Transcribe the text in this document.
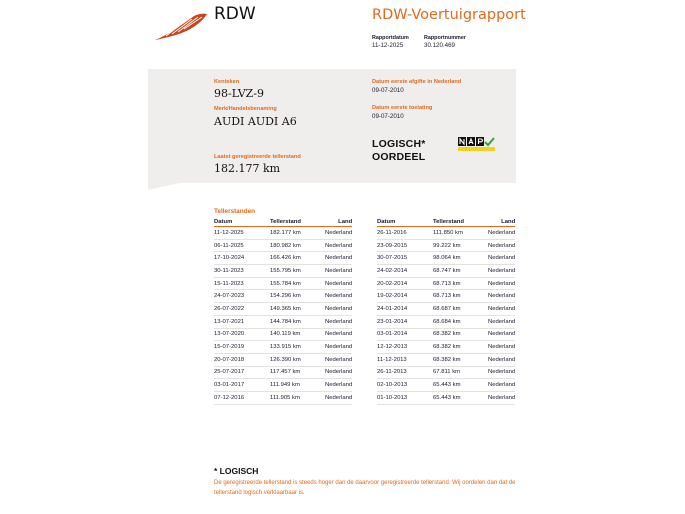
RDW	RDW-Voertuigrapport
Rapportdatum
11-12-2025
Rapportnummer
30.120.469
Kenteken
98-LVZ-9
Merk/Handelsbenaming
AUDI AUDI A6
Laatst geregistreerde tellerstand
182.177 km
Datum eerste afgifte in Nederland
09-07-2010
Datum eerste toelating
09-07-2010
LOGISCH*
OORDEEL
Tellerstanden
Datum	Tellerstand	Land
11-12-2025	182.177 km	Nederland
06-11-2025	180.982 km	Nederland
17-10-2024	166.426 km	Nederland
30-11-2023	155.795 km	Nederland
15-11-2023	155.784 km	Nederland
24-07-2023	154.296 km	Nederland
26-07-2022	149.365 km	Nederland
13-07-2021	144.784 km	Nederland
13-07-2020	140.119 km	Nederland
15-07-2019	133.915 km	Nederland
20-07-2018	126.390 km	Nederland
25-07-2017	117.457 km	Nederland
03-01-2017	111.949 km	Nederland
07-12-2016	111.905 km	Nederland
Datum	Tellerstand	Land
26-11-2016	111.850 km	Nederland
23-09-2015	99.222 km	Nederland
30-07-2015	98.064 km	Nederland
24-02-2014	68.747 km	Nederland
20-02-2014	68.713 km	Nederland
19-02-2014	68.713 km	Nederland
24-01-2014	68.687 km	Nederland
23-01-2014	68.684 km	Nederland
03-01-2014	68.382 km	Nederland
12-12-2013	68.382 km	Nederland
11-12-2013	68.382 km	Nederland
26-11-2013	67.811 km	Nederland
02-10-2013	65.443 km	Nederland
01-10-2013	65.443 km	Nederland
* LOGISCH
De geregistreerde tellerstand is steeds hoger dan de daarvoor geregistreerde tellerstand. Wij oordelen dan dat de tellerstand logisch verklaarbaar is.
